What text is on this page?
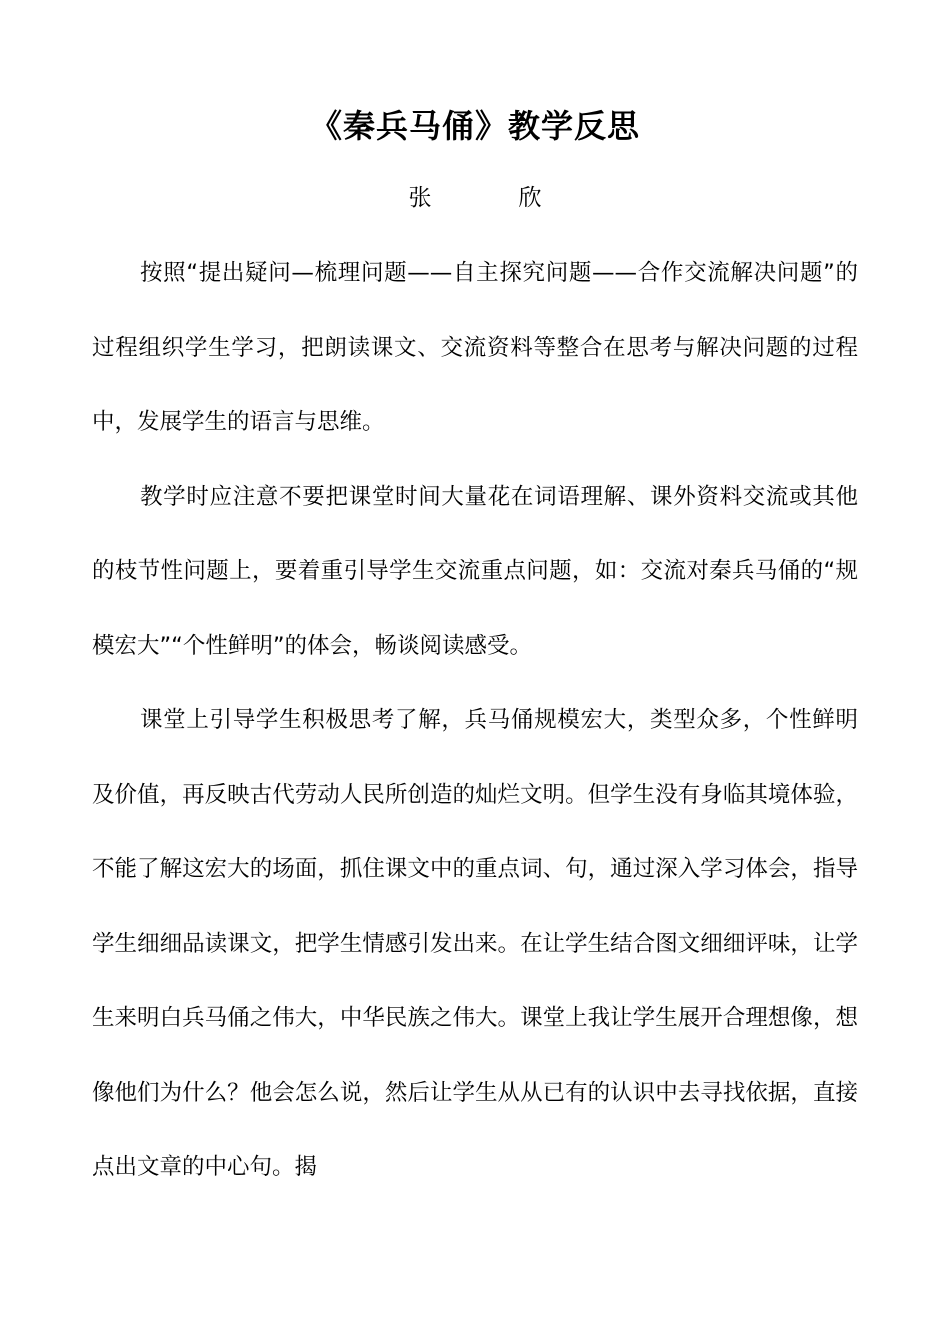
《秦兵马俑》教学反思
张　欣

按照“提出疑问—梳理问题——自主探究问题——合作交流解决问题”的过程组织学生学习，把朗读课文、交流资料等整合在思考与解决问题的过程中，发展学生的语言与思维。

教学时应注意不要把课堂时间大量花在词语理解、课外资料交流或其他的枝节性问题上，要着重引导学生交流重点问题，如：交流对秦兵马俑的“规模宏大”“个性鲜明”的体会，畅谈阅读感受。

课堂上引导学生积极思考了解，兵马俑规模宏大，类型众多，个性鲜明及价值，再反映古代劳动人民所创造的灿烂文明。但学生没有身临其境体验，不能了解这宏大的场面，抓住课文中的重点词、句，通过深入学习体会，指导学生细细品读课文，把学生情感引发出来。在让学生结合图文细细评味，让学生来明白兵马俑之伟大，中华民族之伟大。课堂上我让学生展开合理想像，想像他们为什么？他会怎么说，然后让学生从从已有的认识中去寻找依据，直接点出文章的中心句。揭
